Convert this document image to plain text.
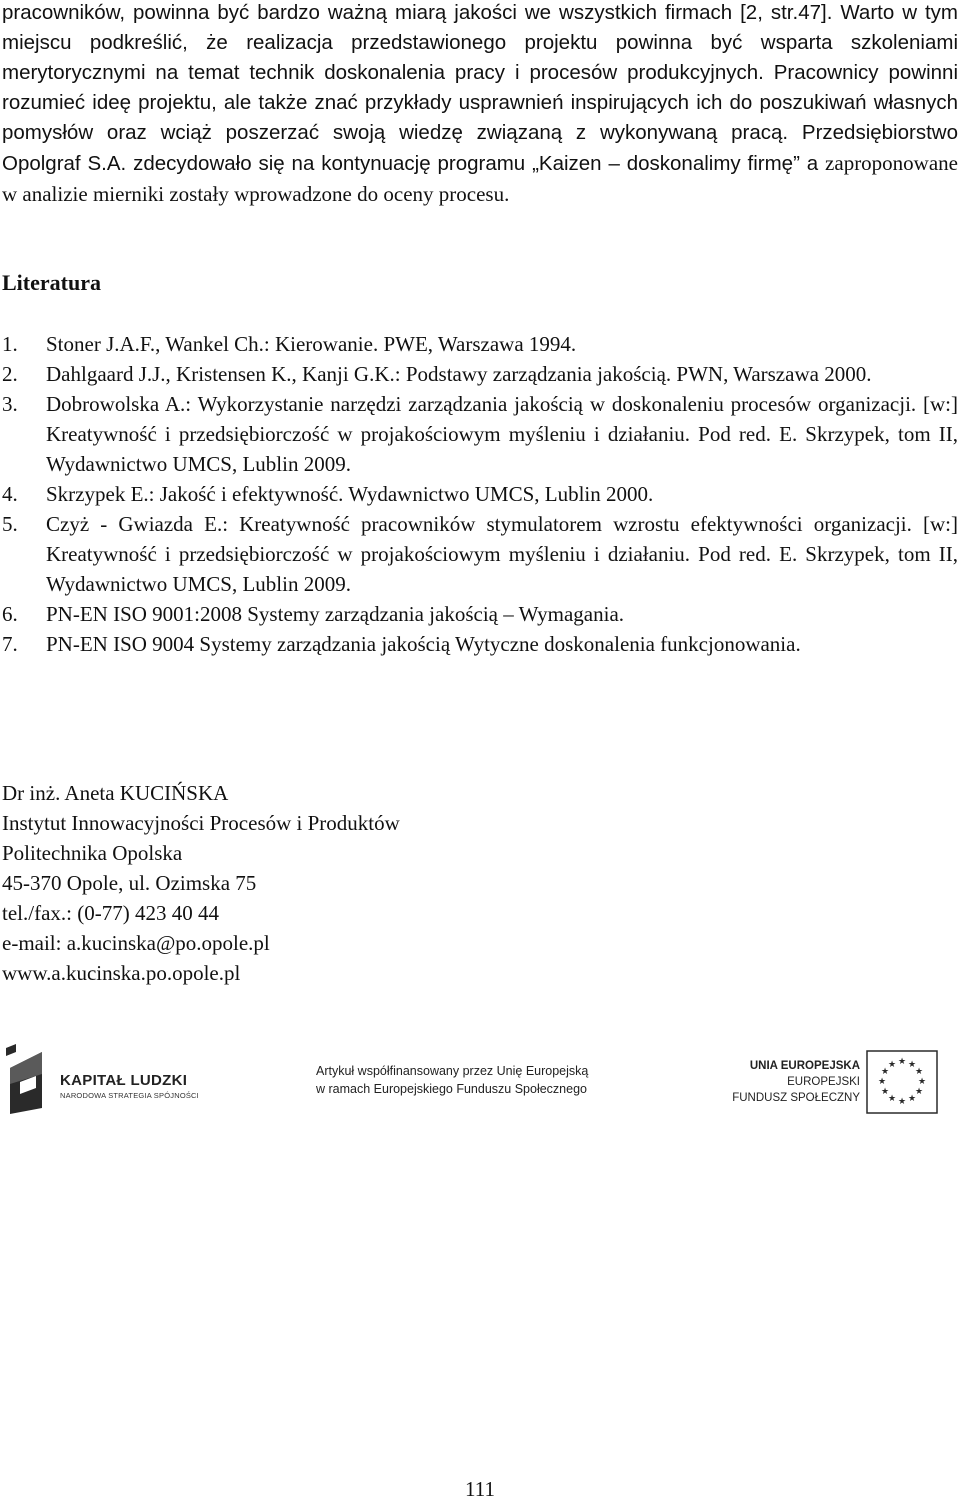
pracowników, powinna być bardzo ważną miarą jakości we wszystkich firmach [2, str.47]. Warto w tym miejscu podkreślić, że realizacja przedstawionego projektu powinna być wsparta szkoleniami merytorycznymi na temat technik doskonalenia pracy i procesów produkcyjnych. Pracownicy powinni rozumieć ideę projektu, ale także znać przykłady usprawnień inspirujących ich do poszukiwań własnych pomysłów oraz wciąż poszerzać swoją wiedzę związaną z wykonywaną pracą. Przedsiębiorstwo Opolgraf S.A. zdecydowało się na kontynuację programu „Kaizen – doskonalimy firmę” a zaproponowane w analizie mierniki zostały wprowadzone do oceny procesu.

Literatura
1.	Stoner J.A.F., Wankel Ch.: Kierowanie. PWE, Warszawa 1994.
2.	Dahlgaard J.J., Kristensen K., Kanji G.K.: Podstawy zarządzania jakością. PWN, Warszawa 2000.
3.	Dobrowolska A.: Wykorzystanie narzędzi zarządzania jakością w doskonaleniu procesów organizacji. [w:] Kreatywność i przedsiębiorczość w projakościowym myśleniu i działaniu. Pod red. E. Skrzypek, tom II, Wydawnictwo UMCS, Lublin 2009.
4.	Skrzypek E.: Jakość i efektywność. Wydawnictwo UMCS, Lublin 2000.
5.	Czyż - Gwiazda E.: Kreatywność pracowników stymulatorem wzrostu efektywności organizacji. [w:] Kreatywność i przedsiębiorczość w projakościowym myśleniu i działaniu. Pod red. E. Skrzypek, tom II, Wydawnictwo UMCS, Lublin 2009.
6.	PN-EN ISO 9001:2008 Systemy zarządzania jakością – Wymagania.
7.	PN-EN ISO 9004 Systemy zarządzania jakością Wytyczne doskonalenia funkcjonowania.
Dr inż. Aneta KUCIŃSKA
Instytut Innowacyjności Procesów i Produktów
Politechnika Opolska
45-370 Opole, ul. Ozimska 75
tel./fax.: (0-77) 423 40 44
e-mail: a.kucinska@po.opole.pl
www.a.kucinska.po.opole.pl
KAPITAŁ LUDZKI
NARODOWA STRATEGIA SPÓJNOŚCI
Artykuł współfinansowany przez Unię Europejską
w ramach Europejskiego Funduszu Społecznego
UNIA EUROPEJSKA
EUROPEJSKI
FUNDUSZ SPOŁECZNY
★ ★
★
★
★
★
★
★
★
★
★
★
111
